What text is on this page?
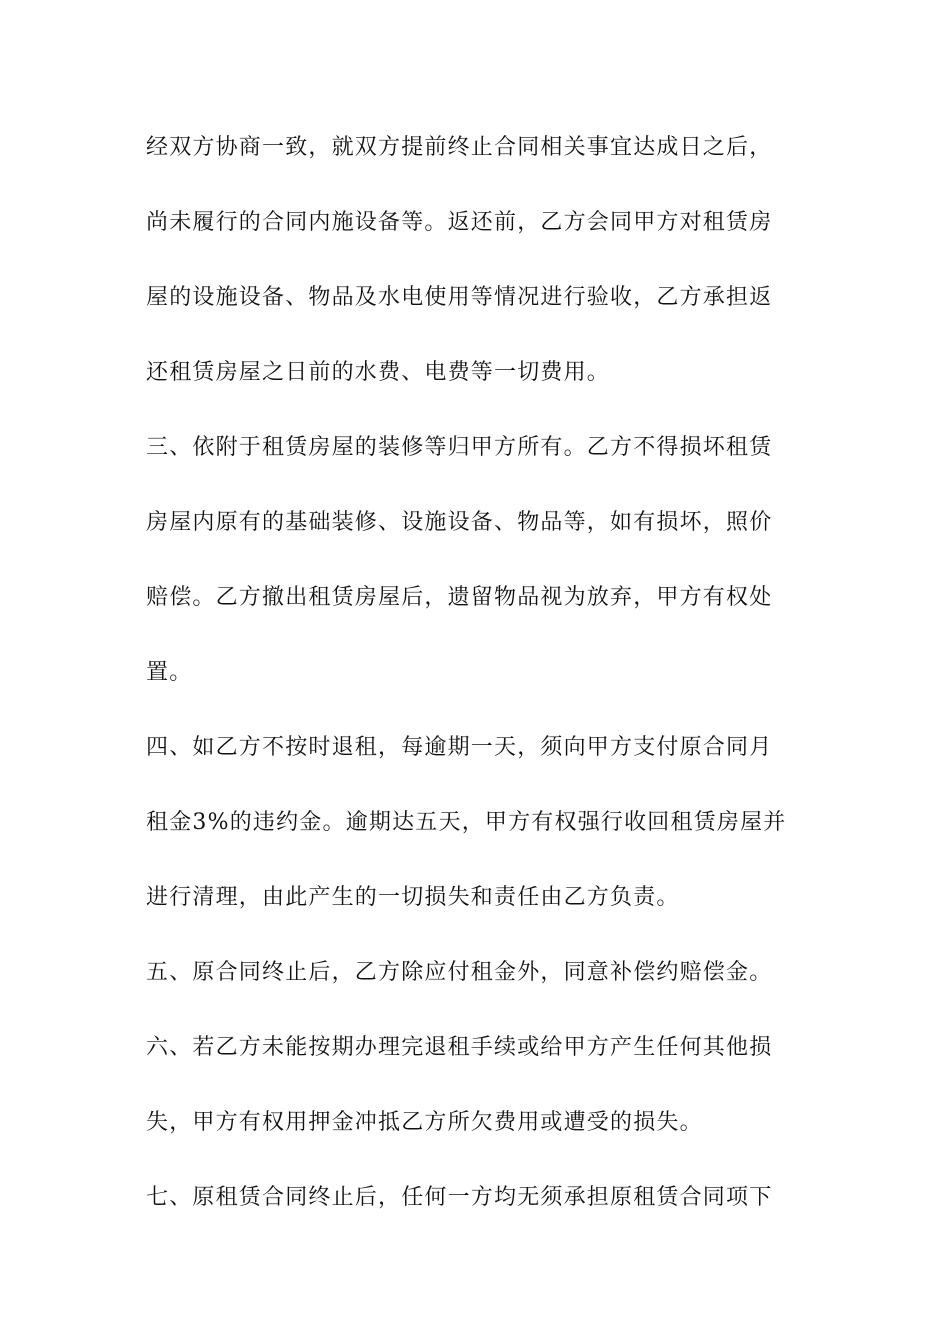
经双方协商一致，就双方提前终止合同相关事宜达成日之后，
尚未履行的合同内施设备等。返还前，乙方会同甲方对租赁房
屋的设施设备、物品及水电使用等情况进行验收，乙方承担返
还租赁房屋之日前的水费、电费等一切费用。
三、依附于租赁房屋的装修等归甲方所有。乙方不得损坏租赁
房屋内原有的基础装修、设施设备、物品等，如有损坏，照价
赔偿。乙方撤出租赁房屋后，遗留物品视为放弃，甲方有权处
置。
四、如乙方不按时退租，每逾期一天，须向甲方支付原合同月
租金3%的违约金。逾期达五天，甲方有权强行收回租赁房屋并
进行清理，由此产生的一切损失和责任由乙方负责。
五、原合同终止后，乙方除应付租金外，同意补偿约赔偿金。
六、若乙方未能按期办理完退租手续或给甲方产生任何其他损
失，甲方有权用押金冲抵乙方所欠费用或遭受的损失。
七、原租赁合同终止后，任何一方均无须承担原租赁合同项下
